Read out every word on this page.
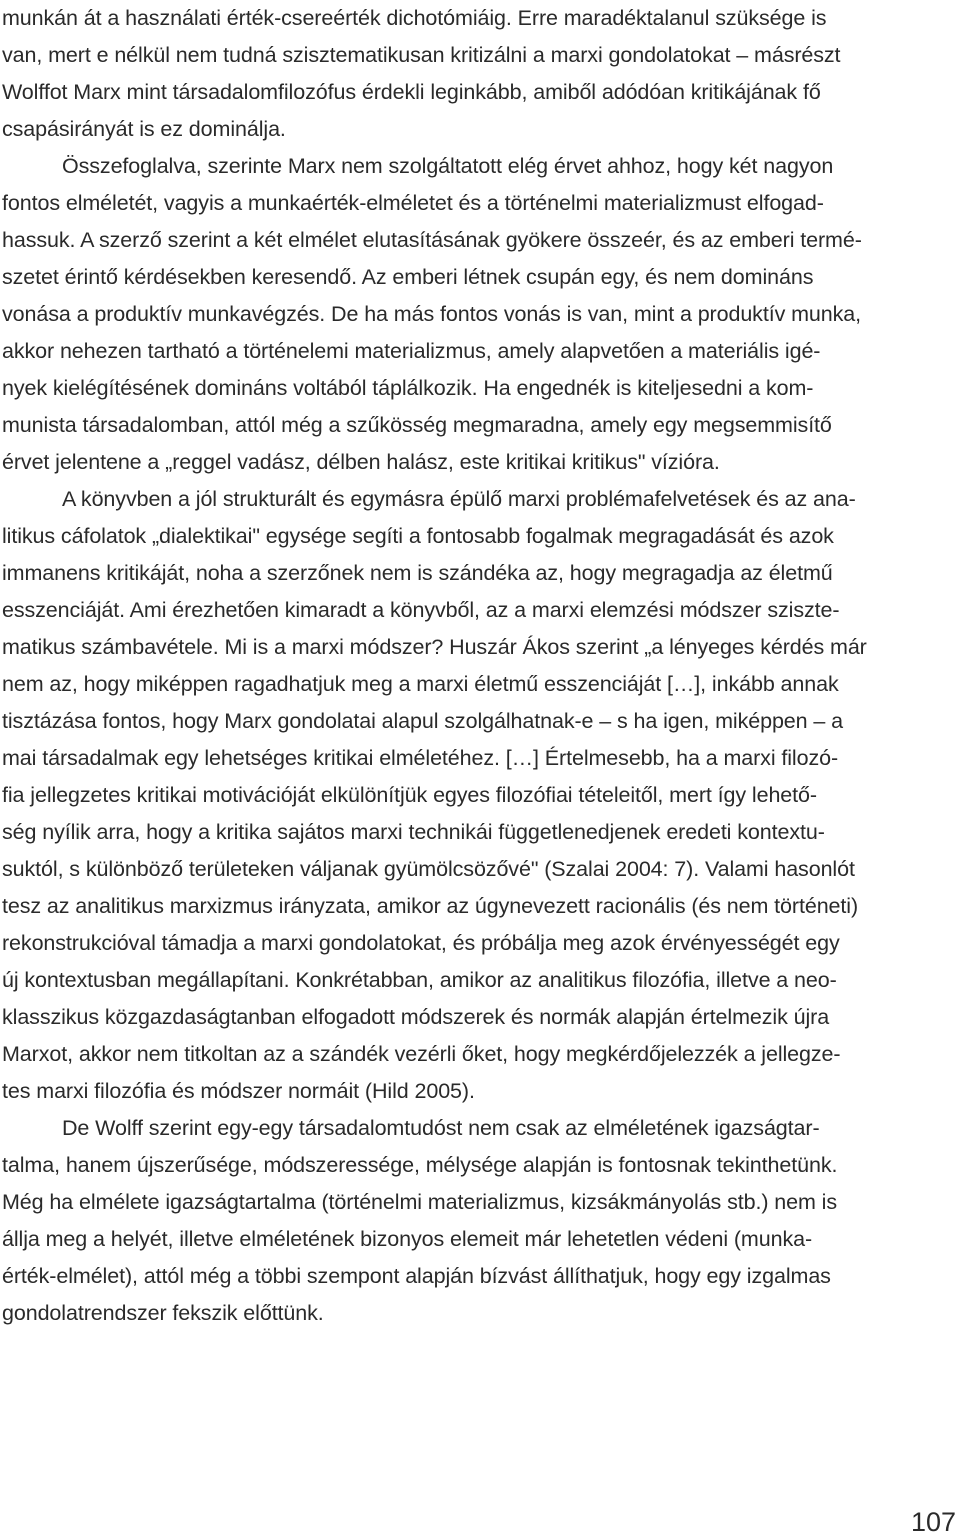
munkán át a használati érték-csereérték dichotómiáig. Erre maradéktalanul szüksége is
van, mert e nélkül nem tudná szisztematikusan kritizálni a marxi gondolatokat – másrészt
Wolffot Marx mint társadalomfilozófus érdekli leginkább, amiből adódóan kritikájának fő
csapásirányát is ez dominálja.
Összefoglalva, szerinte Marx nem szolgáltatott elég érvet ahhoz, hogy két nagyon
fontos elméletét, vagyis a munkaérték-elméletet és a történelmi materializmust elfogad-
hassuk. A szerző szerint a két elmélet elutasításának gyökere összeér, és az emberi termé-
szetet érintő kérdésekben keresendő. Az emberi létnek csupán egy, és nem domináns
vonása a produktív munkavégzés. De ha más fontos vonás is van, mint a produktív munka,
akkor nehezen tartható a történelemi materializmus, amely alapvetően a materiális igé-
nyek kielégítésének domináns voltából táplálkozik. Ha engednék is kiteljesedni a kom-
munista társadalomban, attól még a szűkösség megmaradna, amely egy megsemmisítő
érvet jelentene a „reggel vadász, délben halász, este kritikai kritikus" vízióra.
A könyvben a jól strukturált és egymásra épülő marxi problémafelvetések és az ana-
litikus cáfolatok „dialektikai" egysége segíti a fontosabb fogalmak megragadását és azok
immanens kritikáját, noha a szerzőnek nem is szándéka az, hogy megragadja az életmű
esszenciáját. Ami érezhetően kimaradt a könyvből, az a marxi elemzési módszer sziszte-
matikus számbavétele. Mi is a marxi módszer? Huszár Ákos szerint „a lényeges kérdés már
nem az, hogy miképpen ragadhatjuk meg a marxi életmű esszenciáját […], inkább annak
tisztázása fontos, hogy Marx gondolatai alapul szolgálhatnak-e – s ha igen, miképpen – a
mai társadalmak egy lehetséges kritikai elméletéhez. […] Értelmesebb, ha a marxi filozó-
fia jellegzetes kritikai motivációját elkülönítjük egyes filozófiai tételeitől, mert így lehető-
ség nyílik arra, hogy a kritika sajátos marxi technikái függetlenedjenek eredeti kontextu-
suktól, s különböző területeken váljanak gyümölcsözővé" (Szalai 2004: 7). Valami hasonlót
tesz az analitikus marxizmus irányzata, amikor az úgynevezett racionális (és nem történeti)
rekonstrukcióval támadja a marxi gondolatokat, és próbálja meg azok érvényességét egy
új kontextusban megállapítani. Konkrétabban, amikor az analitikus filozófia, illetve a neo-
klasszikus közgazdaságtanban elfogadott módszerek és normák alapján értelmezik újra
Marxot, akkor nem titkoltan az a szándék vezérli őket, hogy megkérdőjelezzék a jellegze-
tes marxi filozófia és módszer normáit (Hild 2005).
De Wolff szerint egy-egy társadalomtudóst nem csak az elméletének igazságtar-
talma, hanem újszerűsége, módszeressége, mélysége alapján is fontosnak tekinthetünk.
Még ha elmélete igazságtartalma (történelmi materializmus, kizsákmányolás stb.) nem is
állja meg a helyét, illetve elméletének bizonyos elemeit már lehetetlen védeni (munka-
érték-elmélet), attól még a többi szempont alapján bízvást állíthatjuk, hogy egy izgalmas
gondolatrendszer fekszik előttünk.
107
